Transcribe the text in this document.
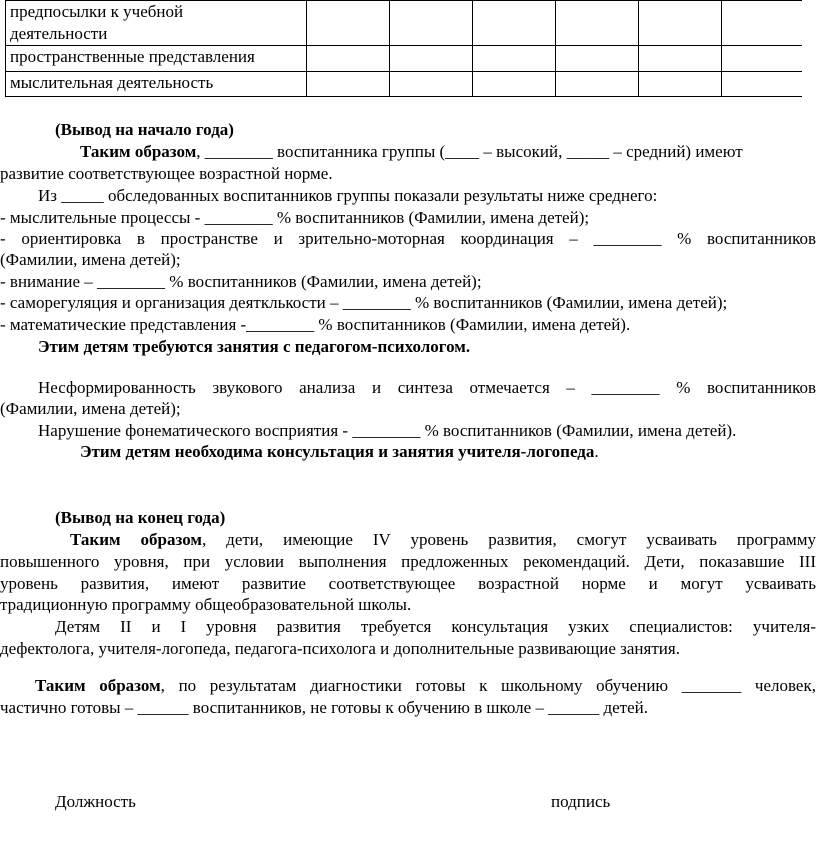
предпосылки к учебной
деятельности						
пространственные представления						
мыслительная деятельность						
(Вывод на начало года)
Таким образом, ________ воспитанника группы (____ – высокий, _____ – средний) имеют
развитие соответствующее возрастной норме.
Из _____ обследованных воспитанников группы показали результаты ниже среднего:
- мыслительные процессы - ________ % воспитанников (Фамилии, имена детей);
- ориентировка в пространстве и зрительно-моторная координация – ________ % воспитанников
(Фамилии, имена детей);
- внимание – ________ % воспитанников (Фамилии, имена детей);
- саморегуляция и организация деятклькости – ________ % воспитанников (Фамилии, имена детей);
- математические представления -________ % воспитанников (Фамилии, имена детей).
Этим детям требуются занятия с педагогом-психологом.
Несформированность звукового анализа и синтеза отмечается – ________ % воспитанников
(Фамилии, имена детей);
Нарушение фонематического восприятия - ________ % воспитанников (Фамилии, имена детей).
Этим детям необходима консультация и занятия учителя-логопеда.
(Вывод на конец года)
Таким образом, дети, имеющие IV уровень развития, смогут усваивать программу
повышенного уровня, при условии выполнения предложенных рекомендаций. Дети, показавшие III
уровень развития, имеют развитие соответствующее возрастной норме и могут усваивать
традиционную программу общеобразовательной школы.
Детям II и I уровня развития требуется консультация узких специалистов: учителя-
дефектолога, учителя-логопеда, педагога-психолога и дополнительные развивающие занятия.
Таким образом, по результатам диагностики готовы к школьному обучению _______ человек,
частично готовы – ______ воспитанников, не готовы к обучению в школе – ______ детей.
Должность	подпись
